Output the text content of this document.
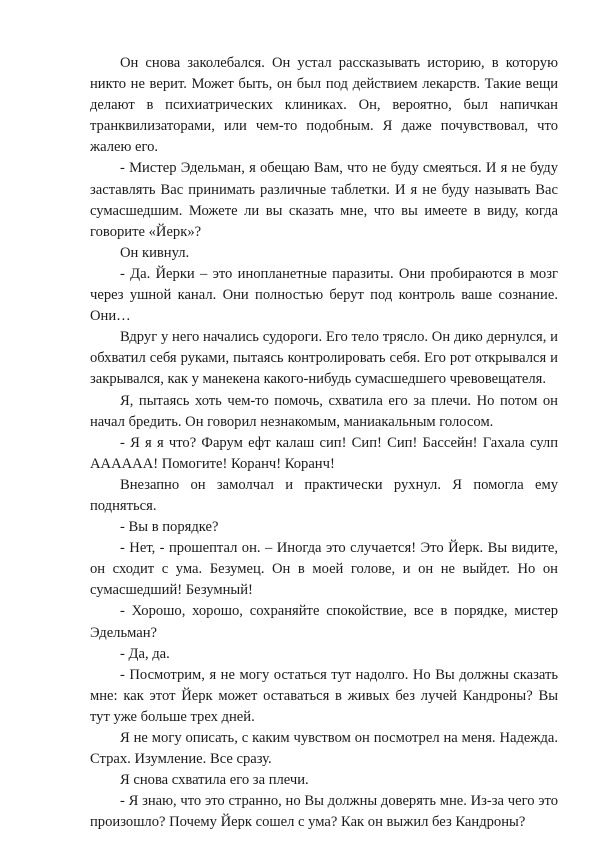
Он снова заколебался. Он устал рассказывать историю, в которую никто не верит. Может быть, он был под действием лекарств. Такие вещи делают в психиатрических клиниках. Он, вероятно, был напичкан транквилизаторами, или чем-то подобным. Я даже почувствовал, что жалею его.

- Мистер Эдельман, я обещаю Вам, что не буду смеяться. И я не буду заставлять Вас принимать различные таблетки. И я не буду называть Вас сумасшедшим. Можете ли вы сказать мне, что вы имеете в виду, когда говорите «Йерк»?

Он кивнул.

- Да. Йерки – это инопланетные паразиты. Они пробираются в мозг через ушной канал. Они полностью берут под контроль ваше сознание. Они…

Вдруг у него начались судороги. Его тело трясло. Он дико дернулся, и обхватил себя руками, пытаясь контролировать себя. Его рот открывался и закрывался, как у манекена какого-нибудь сумасшедшего чревовещателя.

Я, пытаясь хоть чем-то помочь, схватила его за плечи. Но потом он начал бредить. Он говорил незнакомым, маниакальным голосом.

- Я я я что? Фарум ефт калаш сип! Сип! Сип! Бассейн! Гахала сулп АААААА! Помогите! Коранч! Коранч!

Внезапно он замолчал и практически рухнул. Я помогла ему подняться.

- Вы в порядке?

- Нет, - прошептал он. – Иногда это случается! Это Йерк. Вы видите, он сходит с ума. Безумец. Он в моей голове, и он не выйдет. Но он сумасшедший! Безумный!

- Хорошо, хорошо, сохраняйте спокойствие, все в порядке, мистер Эдельман?

- Да, да.

- Посмотрим, я не могу остаться тут надолго. Но Вы должны сказать мне: как этот Йерк может оставаться в живых без лучей Кандроны? Вы тут уже больше трех дней.

Я не могу описать, с каким чувством он посмотрел на меня. Надежда. Страх. Изумление. Все сразу.

Я снова схватила его за плечи.

- Я знаю, что это странно, но Вы должны доверять мне. Из-за чего это произошло? Почему Йерк сошел с ума? Как он выжил без Кандроны?
